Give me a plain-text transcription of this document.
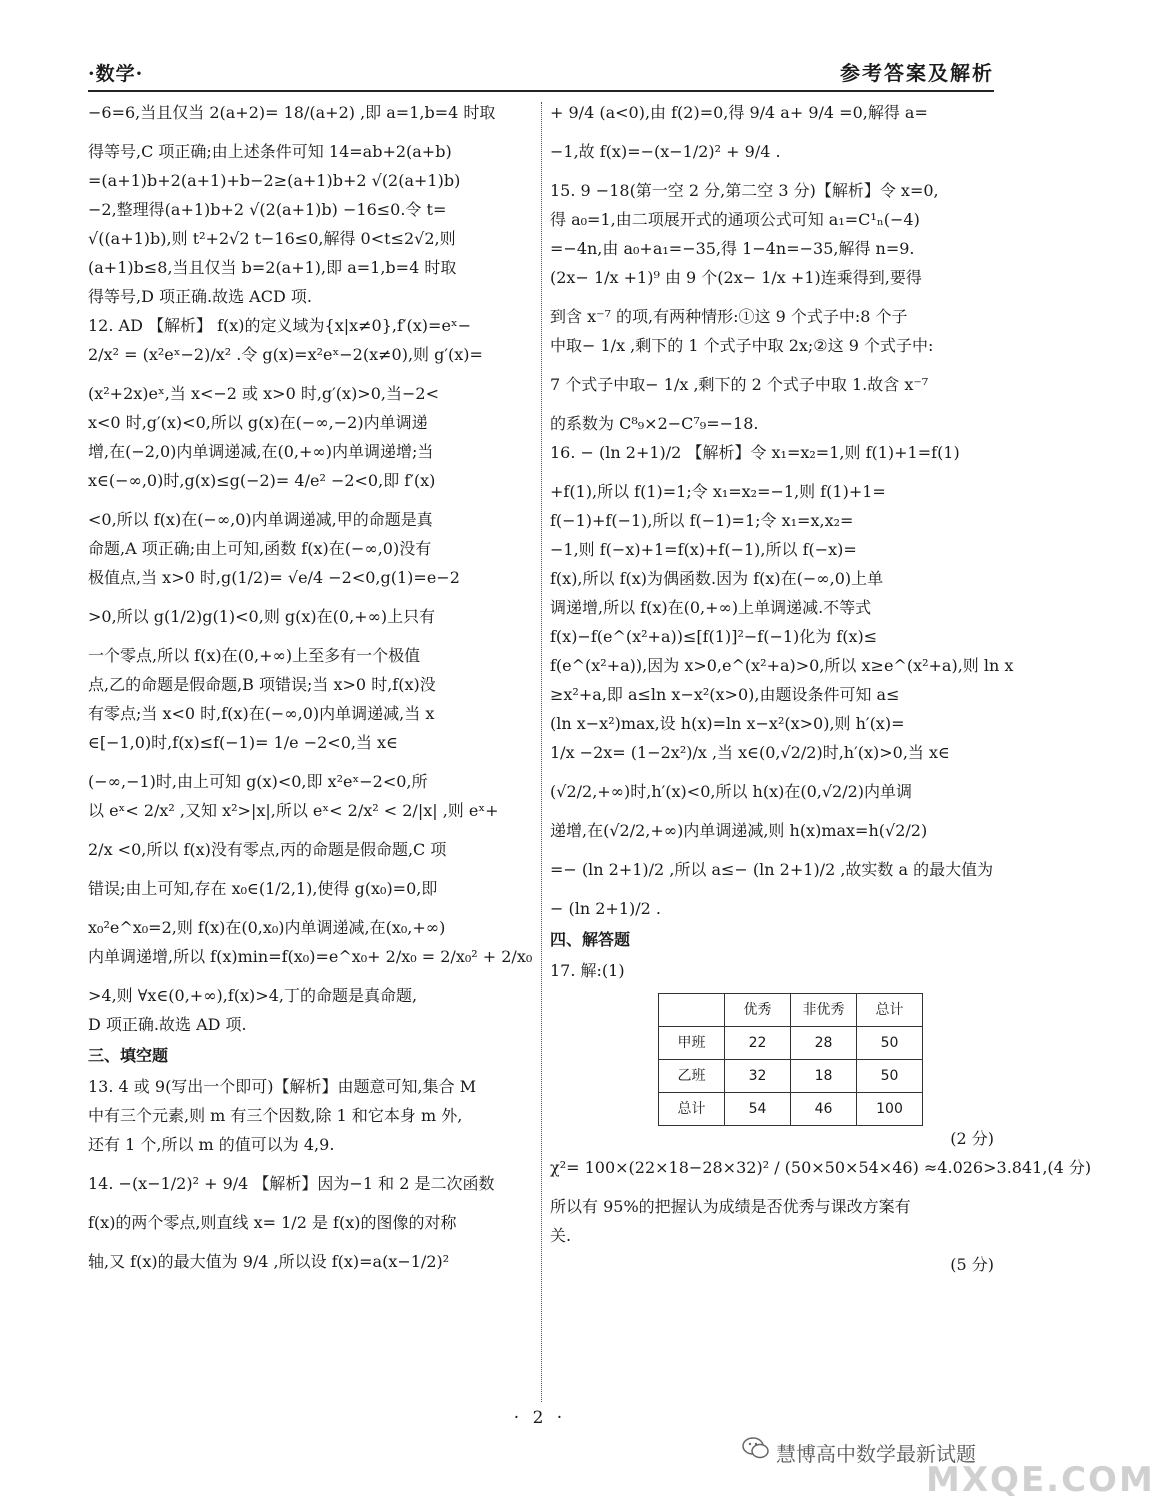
·数学·	参考答案及解析
−6=6,当且仅当 2(a+2)= 18/(a+2) ,即 a=1,b=4 时取
得等号,C 项正确;由上述条件可知 14=ab+2(a+b)
=(a+1)b+2(a+1)+b−2≥(a+1)b+2 √(2(a+1)b)
−2,整理得(a+1)b+2 √(2(a+1)b) −16≤0.令 t=
√((a+1)b),则 t²+2√2 t−16≤0,解得 0<t≤2√2,则
(a+1)b≤8,当且仅当 b=2(a+1),即 a=1,b=4 时取
得等号,D 项正确.故选 ACD 项.
12. AD 【解析】 f(x)的定义域为{x|x≠0},f′(x)=eˣ−
2/x² = (x²eˣ−2)/x² .令 g(x)=x²eˣ−2(x≠0),则 g′(x)=
(x²+2x)eˣ,当 x<−2 或 x>0 时,g′(x)>0,当−2<
x<0 时,g′(x)<0,所以 g(x)在(−∞,−2)内单调递
增,在(−2,0)内单调递减,在(0,+∞)内单调递增;当
x∈(−∞,0)时,g(x)≤g(−2)= 4/e² −2<0,即 f′(x)
<0,所以 f(x)在(−∞,0)内单调递减,甲的命题是真
命题,A 项正确;由上可知,函数 f(x)在(−∞,0)没有
极值点,当 x>0 时,g(1/2)= √e/4 −2<0,g(1)=e−2
>0,所以 g(1/2)g(1)<0,则 g(x)在(0,+∞)上只有
一个零点,所以 f(x)在(0,+∞)上至多有一个极值
点,乙的命题是假命题,B 项错误;当 x>0 时,f(x)没
有零点;当 x<0 时,f(x)在(−∞,0)内单调递减,当 x
∈[−1,0)时,f(x)≤f(−1)= 1/e −2<0,当 x∈
(−∞,−1)时,由上可知 g(x)<0,即 x²eˣ−2<0,所
以 eˣ< 2/x² ,又知 x²>|x|,所以 eˣ< 2/x² < 2/|x| ,则 eˣ+
2/x <0,所以 f(x)没有零点,丙的命题是假命题,C 项
错误;由上可知,存在 x₀∈(1/2,1),使得 g(x₀)=0,即
x₀²e^x₀=2,则 f(x)在(0,x₀)内单调递减,在(x₀,+∞)
内单调递增,所以 f(x)min=f(x₀)=e^x₀+ 2/x₀ = 2/x₀² + 2/x₀
>4,则 ∀x∈(0,+∞),f(x)>4,丁的命题是真命题,
D 项正确.故选 AD 项.
三、填空题
13. 4 或 9(写出一个即可)【解析】由题意可知,集合 M
中有三个元素,则 m 有三个因数,除 1 和它本身 m 外,
还有 1 个,所以 m 的值可以为 4,9.
14. −(x−1/2)² + 9/4 【解析】因为−1 和 2 是二次函数
f(x)的两个零点,则直线 x= 1/2 是 f(x)的图像的对称
轴,又 f(x)的最大值为 9/4 ,所以设 f(x)=a(x−1/2)²
+ 9/4 (a<0),由 f(2)=0,得 9/4 a+ 9/4 =0,解得 a=
−1,故 f(x)=−(x−1/2)² + 9/4 .
15. 9 −18(第一空 2 分,第二空 3 分)【解析】令 x=0,
得 a₀=1,由二项展开式的通项公式可知 a₁=C¹ₙ(−4)
=−4n,由 a₀+a₁=−35,得 1−4n=−35,解得 n=9.
(2x− 1/x +1)⁹ 由 9 个(2x− 1/x +1)连乘得到,要得
到含 x⁻⁷ 的项,有两种情形:①这 9 个式子中:8 个子
中取− 1/x ,剩下的 1 个式子中取 2x;②这 9 个式子中:
7 个式子中取− 1/x ,剩下的 2 个式子中取 1.故含 x⁻⁷
的系数为 C⁸₉×2−C⁷₉=−18.
16. − (ln 2+1)/2 【解析】令 x₁=x₂=1,则 f(1)+1=f(1)
+f(1),所以 f(1)=1;令 x₁=x₂=−1,则 f(1)+1=
f(−1)+f(−1),所以 f(−1)=1;令 x₁=x,x₂=
−1,则 f(−x)+1=f(x)+f(−1),所以 f(−x)=
f(x),所以 f(x)为偶函数.因为 f(x)在(−∞,0)上单
调递增,所以 f(x)在(0,+∞)上单调递减.不等式
f(x)−f(e^(x²+a))≤[f(1)]²−f(−1)化为 f(x)≤
f(e^(x²+a)),因为 x>0,e^(x²+a)>0,所以 x≥e^(x²+a),则 ln x
≥x²+a,即 a≤ln x−x²(x>0),由题设条件可知 a≤
(ln x−x²)max,设 h(x)=ln x−x²(x>0),则 h′(x)=
1/x −2x= (1−2x²)/x ,当 x∈(0,√2/2)时,h′(x)>0,当 x∈
(√2/2,+∞)时,h′(x)<0,所以 h(x)在(0,√2/2)内单调
递增,在(√2/2,+∞)内单调递减,则 h(x)max=h(√2/2)
=− (ln 2+1)/2 ,所以 a≤− (ln 2+1)/2 ,故实数 a 的最大值为
− (ln 2+1)/2 .
四、解答题
17. 解:(1)
	优秀	非优秀	总计
甲班	22	28	50
乙班	32	18	50
总计	54	46	100
(2 分)
χ²= 100×(22×18−28×32)² / (50×50×54×46) ≈4.026>3.841,(4 分)
所以有 95%的把握认为成绩是否优秀与课改方案有
关.
(5 分)
· 2 ·
慧博高中数学最新试题
MXQE.COM
